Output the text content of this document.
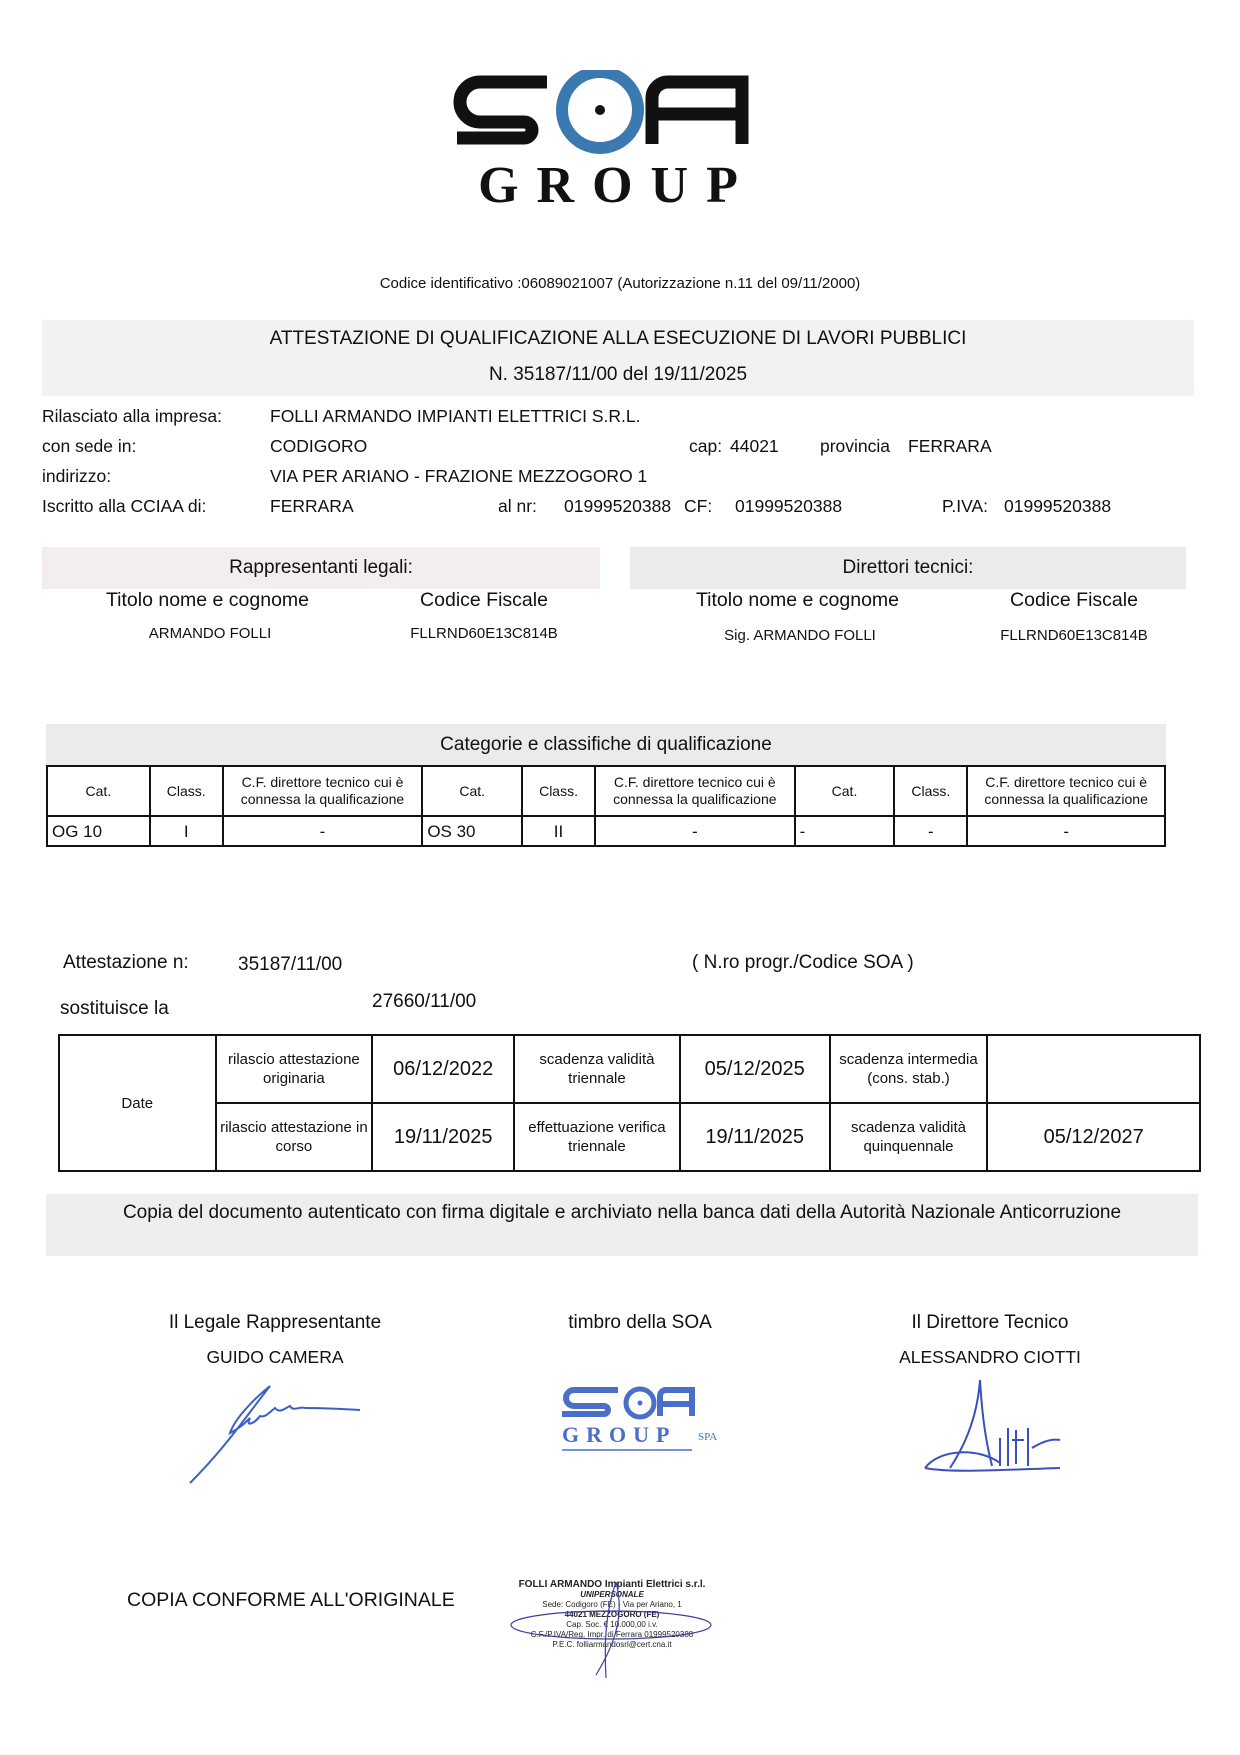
GROUP
Codice identificativo :06089021007 (Autorizzazione n.11 del 09/11/2000)
ATTESTAZIONE DI QUALIFICAZIONE ALLA ESECUZIONE DI LAVORI PUBBLICI
N. 35187/11/00 del 19/11/2025
Rilasciato alla impresa:	FOLLI ARMANDO IMPIANTI ELETTRICI S.R.L.
con sede in:	CODIGORO	cap: 44021 provincia FERRARA
indirizzo:	VIA PER ARIANO - FRAZIONE MEZZOGORO 1
Iscritto alla CCIAA di:	FERRARA	al nr: 01999520388 CF: 01999520388	P.IVA: 01999520388
Rappresentanti legali:
Titolo nome e cognome	Codice Fiscale
ARMANDO FOLLI	FLLRND60E13C814B
Direttori tecnici:
Titolo nome e cognome	Codice Fiscale
Sig. ARMANDO FOLLI	FLLRND60E13C814B
Categorie e classifiche di qualificazione
Cat.	Class.	C.F. direttore tecnico cui è connessa la qualificazione	Cat.	Class.	C.F. direttore tecnico cui è connessa la qualificazione	Cat.	Class.	C.F. direttore tecnico cui è connessa la qualificazione
OG 10	I	-	OS 30	II	-	-	-	-
Attestazione n:	35187/11/00	( N.ro progr./Codice SOA )
sostituisce la	27660/11/00
Date	rilascio attestazione originaria	06/12/2022	scadenza validità triennale	05/12/2025	scadenza intermedia (cons. stab.)	
	rilascio attestazione in corso	19/11/2025	effettuazione verifica triennale	19/11/2025	scadenza validità quinquennale	05/12/2027
Copia del documento autenticato con firma digitale e archiviato nella banca dati della Autorità Nazionale Anticorruzione
Il Legale Rappresentante
GUIDO CAMERA
timbro della SOA
GROUP SPA
Il Direttore Tecnico
ALESSANDRO CIOTTI
COPIA CONFORME ALL'ORIGINALE
FOLLI ARMANDO Impianti Elettrici s.r.l.
UNIPERSONALE
Sede: Codigoro (FE) - Via per Ariano, 1
44021 MEZZOGORO (FE)
Cap. Soc. € 10.000,00 i.v.
C.F./P.IVA/Reg. Impr. di Ferrara 01999520388
P.E.C. folliarmandosrl@cert.cna.it
